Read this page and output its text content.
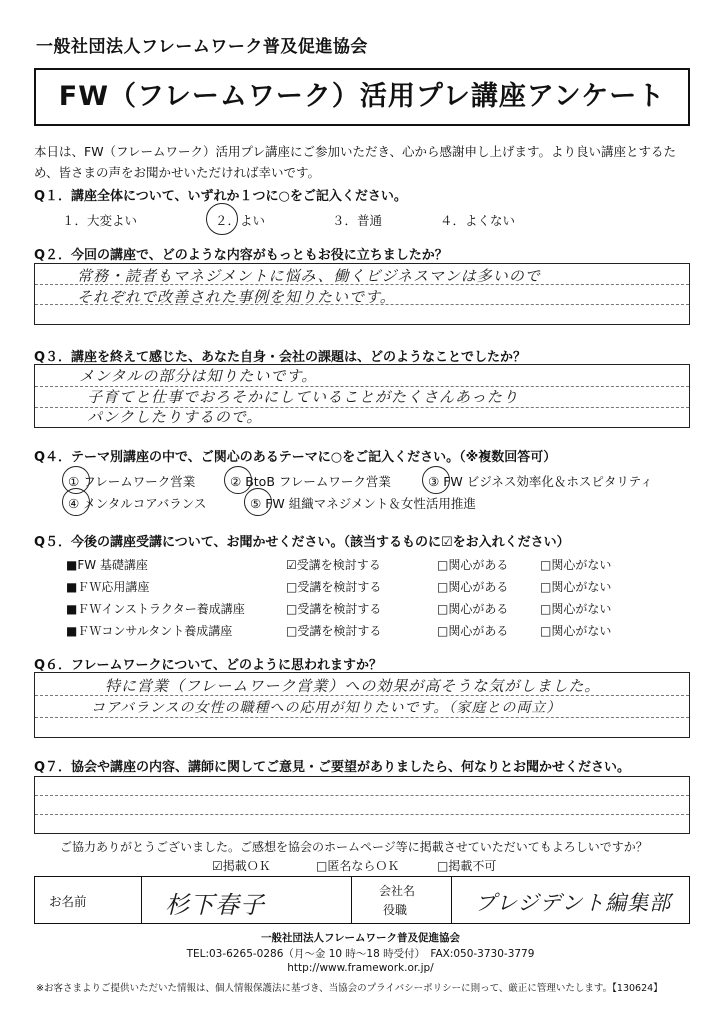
一般社団法人フレームワーク普及促進協会
FW（フレームワーク）活用プレ講座アンケート
本日は、FW（フレームワーク）活用プレ講座にご参加いただき、心から感謝申し上げます。より良い講座とするた
め、皆さまの声をお聞かせいただければ幸いです。
Q１．講座全体について、いずれか１つに○をご記入ください。
１．大変よい	２．よい	３．普通	４．よくない
Q２．今回の講座で、どのような内容がもっともお役に立ちましたか？
常務・読者もマネジメントに悩み、働くビジネスマンは多いので
それぞれで改善された事例を知りたいです。
Q３．講座を終えて感じた、あなた自身・会社の課題は、どのようなことでしたか？
メンタルの部分は知りたいです。
子育てと仕事でおろそかにしていることがたくさんあったり
パンクしたりするので。
Q４．テーマ別講座の中で、ご関心のあるテーマに○をご記入ください。（※複数回答可）
① フレームワーク営業	② BtoB フレームワーク営業	③ FW ビジネス効率化＆ホスピタリティ
④ メンタルコアバランス	⑤ FW 組織マネジメント＆女性活用推進
Q５．今後の講座受講について、お聞かせください。（該当するものに☑をお入れください）
■FW 基礎講座	☑受講を検討する	□関心がある	□関心がない
■ＦＷ応用講座	□受講を検討する	□関心がある	□関心がない
■ＦＷインストラクター養成講座	□受講を検討する	□関心がある	□関心がない
■ＦＷコンサルタント養成講座	□受講を検討する	□関心がある	□関心がない
Q６．フレームワークについて、どのように思われますか？
特に営業（フレームワーク営業）への効果が高そうな気がしました。
コアバランスの女性の職種への応用が知りたいです。（家庭との両立）
Q７．協会や講座の内容、講師に関してご意見・ご要望がありましたら、何なりとお聞かせください。
ご協力ありがとうございました。ご感想を協会のホームページ等に掲載させていただいてもよろしいですか？
☑掲載ＯＫ	□匿名ならＯＫ	□掲載不可
お名前	杉下春子	会社名
役職	プレジデント編集部
一般社団法人フレームワーク普及促進協会
TEL:03-6265-0286（月～金 10 時～18 時受付）　FAX:050-3730-3779
http://www.framework.or.jp/
※お客さまよりご提供いただいた情報は、個人情報保護法に基づき、当協会のプライバシーポリシーに則って、厳正に管理いたします。【130624】
